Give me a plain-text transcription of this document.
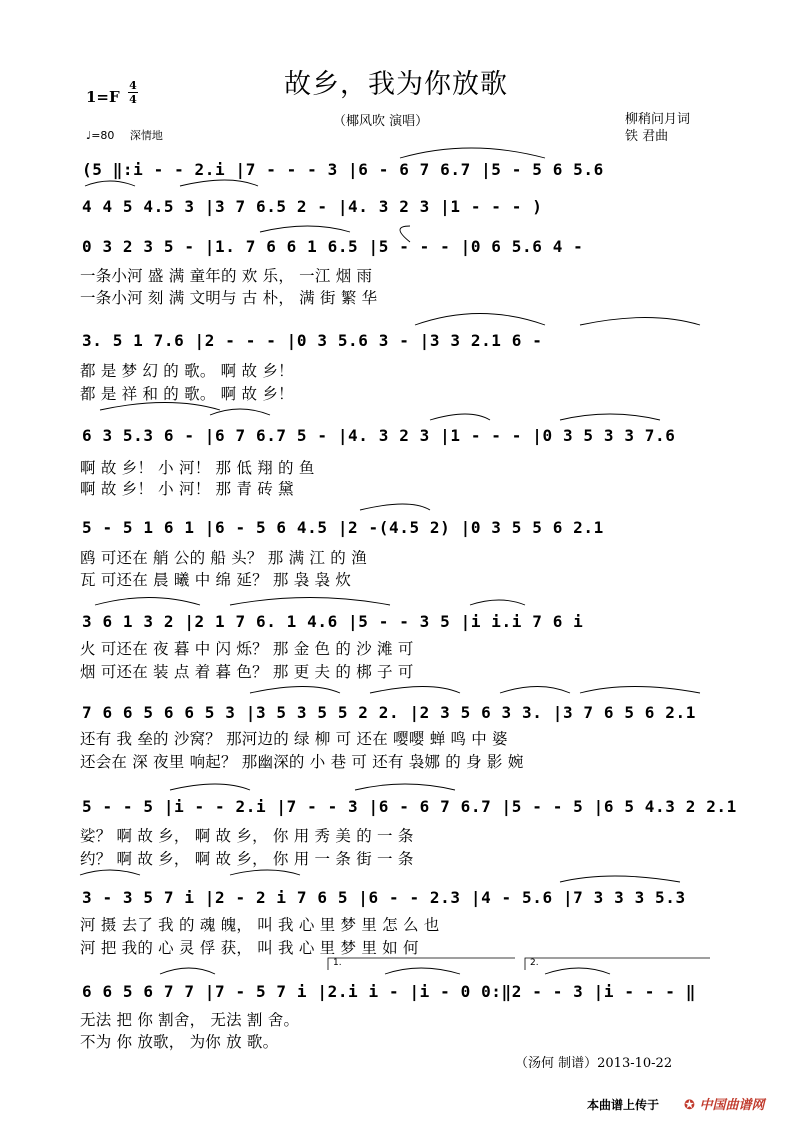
1=F
4
4	故乡，我为你放歌
（椰风吹 演唱）	柳稍问月词
铁 君曲
♩=80 深情地
(5 ‖:i - - 2.i |7 - - - 3 |6 - 6 7 6.7 |5 - 5 6 5.6
4 4 5 4.5 3 |3 7 6.5 2 - |4. 3 2 3 |1 - - - )
0 3 2 3 5 - |1. 7 6 6 1 6.5 |5 - - - |0 6 5.6 4 -
一条小河 盛 满 童年的 欢 乐， 一江 烟 雨
一条小河 刻 满 文明与 古 朴， 满 街 繁 华
3. 5 1 7.6 |2 - - - |0 3 5.6 3 - |3 3 2.1 6 -
都 是 梦 幻 的 歌。 啊 故 乡！
都 是 祥 和 的 歌。 啊 故 乡！
6 3 5.3 6 - |6 7 6.7 5 - |4. 3 2 3 |1 - - - |0 3 5 3 3 7.6
啊 故 乡！ 小 河！ 那 低 翔 的 鱼
啊 故 乡！ 小 河！ 那 青 砖 黛
5 - 5 1 6 1 |6 - 5 6 4.5 |2 -(4.5 2) |0 3 5 5 6 2.1
鸥 可还在 艄 公的 船 头？ 那 满 江 的 渔
瓦 可还在 晨 曦 中 绵 延？ 那 袅 袅 炊
3 6 1 3 2 |2 1 7 6. 1 4.6 |5 - - 3 5 |i i.i 7 6 i
火 可还在 夜 暮 中 闪 烁？ 那 金 色 的 沙 滩 可
烟 可还在 装 点 着 暮 色？ 那 更 夫 的 梆 子 可
7 6 6 5 6 6 5 3 |3 5 3 5 5 2 2. |2 3 5 6 3 3. |3 7 6 5 6 2.1
还有 我 垒的 沙窝？ 那河边的 绿 柳 可 还在 嘤嘤 蝉 鸣 中 婆
还会在 深 夜里 响起？ 那幽深的 小 巷 可 还有 袅娜 的 身 影 婉
5 - - 5 |i - - 2.i |7 - - 3 |6 - 6 7 6.7 |5 - - 5 |6 5 4.3 2 2.1
娑？ 啊 故 乡， 啊 故 乡， 你 用 秀 美 的 一 条
约？ 啊 故 乡， 啊 故 乡， 你 用 一 条 街 一 条
3 - 3 5 7 i |2 - 2 i 7 6 5 |6 - - 2.3 |4 - 5.6 |7 3 3 3 5.3
河 摄 去了 我 的 魂 魄， 叫 我 心 里 梦 里 怎 么 也
河 把 我的 心 灵 俘 获， 叫 我 心 里 梦 里 如 何
1.	2.
6 6 5 6 7 7 |7 - 5 7 i |2.i i - |i - 0 0:‖2 - - 3 |i - - - ‖
无法 把 你 割舍， 无法 割 舍。
不为 你 放歌， 为你 放 歌。
（汤何 制谱）2013-10-22
本曲谱上传于 ✪ 中国曲谱网
